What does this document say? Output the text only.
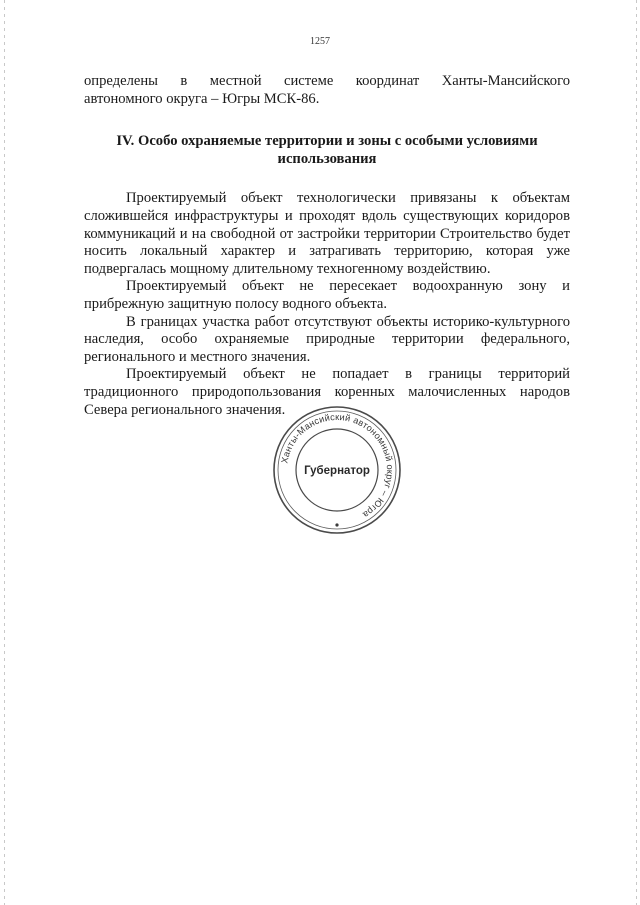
1257

определены в местной системе координат Ханты-Мансийского

автономного округа – Югры МСК-86.

IV. Особо охраняемые территории и зоны с особыми условиями использования

Проектируемый объект технологически привязаны к объектам сложившейся инфраструктуры и проходят вдоль существующих коридоров коммуникаций и на свободной от застройки территории Строительство будет носить локальный характер и затрагивать территорию, которая уже подвергалась мощному длительному техногенному воздействию.

Проектируемый объект не пересекает водоохранную зону и прибрежную защитную полосу водного объекта.

В границах участка работ отсутствуют объекты историко-культурного наследия, особо охраняемые природные территории федерального, регионального и местного значения.

Проектируемый объект не попадает в границы территорий традиционного природопользования коренных малочисленных народов Севера регионального значения.

Ханты-Мансийский автономный округ – Югра
Губернатор
